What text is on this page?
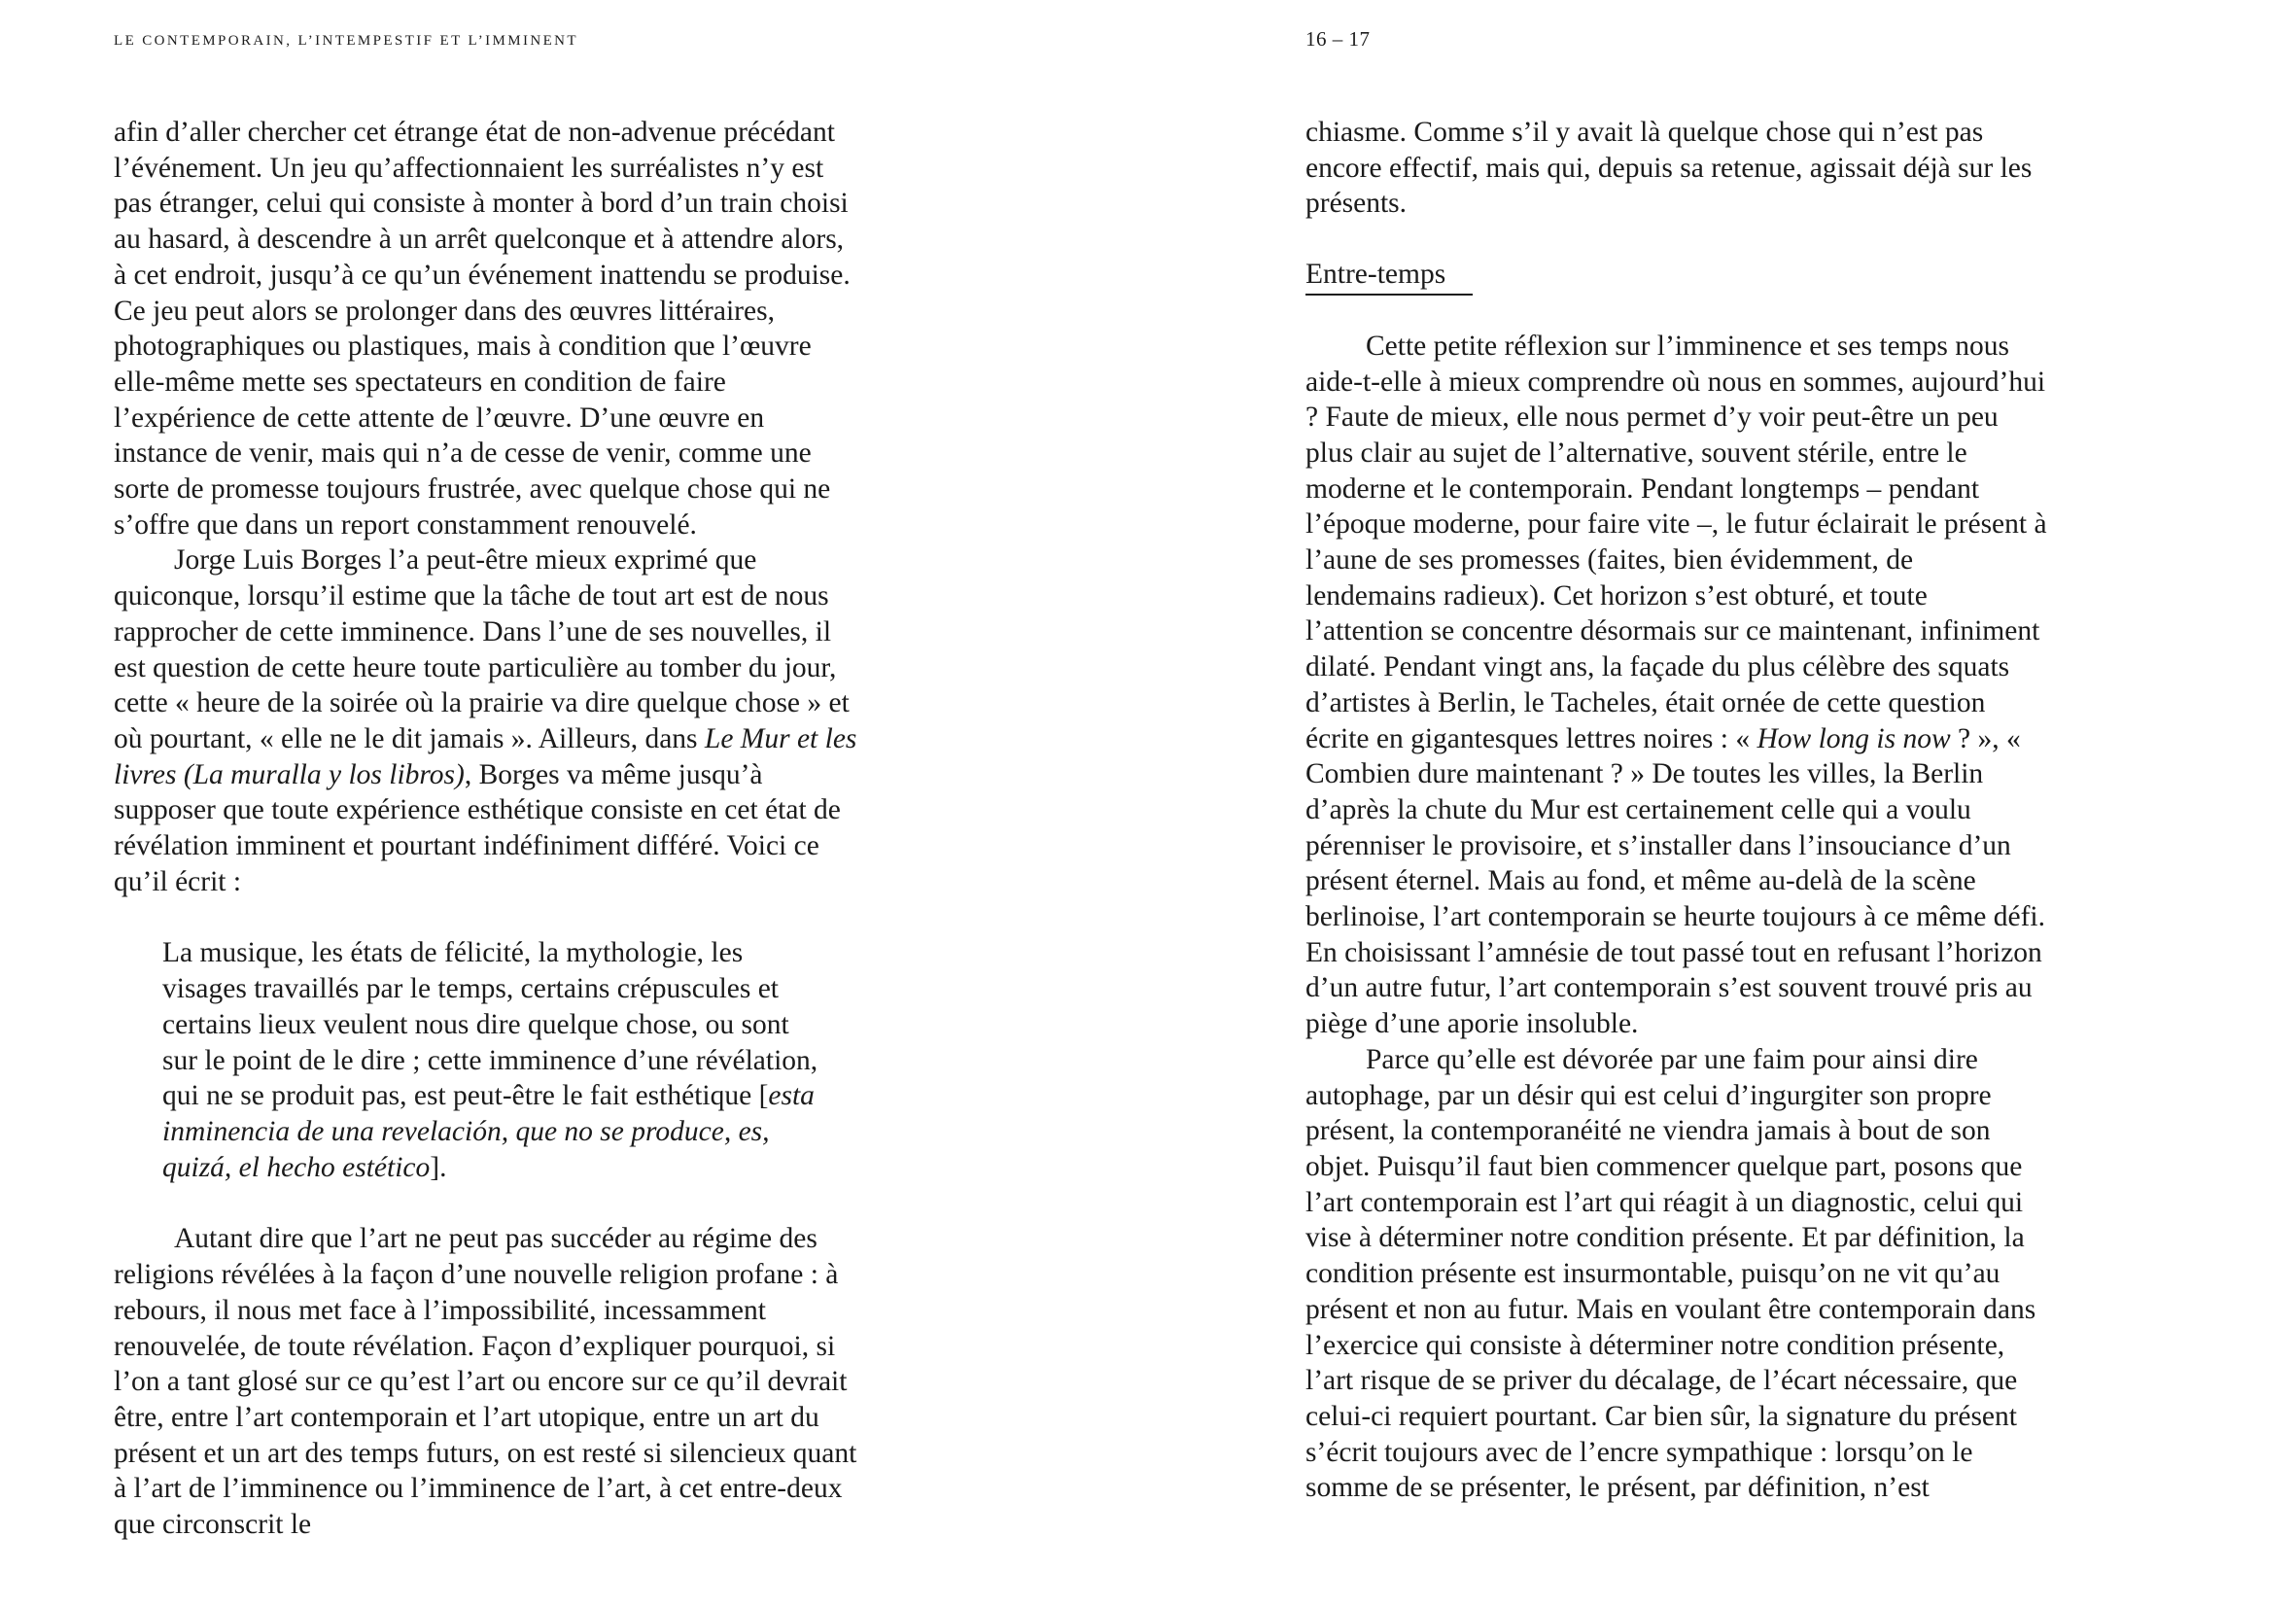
LE CONTEMPORAIN, L’INTEMPESTIF ET L’IMMINENT	16 – 17

afin d’aller chercher cet étrange état de non-advenue précédant l’événement. Un jeu qu’affectionnaient les surréalistes n’y est pas étranger, celui qui consiste à monter à bord d’un train choisi au hasard, à descendre à un arrêt quelconque et à attendre alors, à cet endroit, jusqu’à ce qu’un événement inattendu se produise. Ce jeu peut alors se prolonger dans des œuvres littéraires, photographiques ou plastiques, mais à condition que l’œuvre elle-même mette ses spectateurs en condition de faire l’expérience de cette attente de l’œuvre. D’une œuvre en instance de venir, mais qui n’a de cesse de venir, comme une sorte de promesse toujours frustrée, avec quelque chose qui ne s’offre que dans un report constamment renouvelé.

Jorge Luis Borges l’a peut-être mieux exprimé que quiconque, lorsqu’il estime que la tâche de tout art est de nous rapprocher de cette imminence. Dans l’une de ses nouvelles, il est question de cette heure toute particulière au tomber du jour, cette « heure de la soirée où la prairie va dire quelque chose » et où pourtant, « elle ne le dit jamais ». Ailleurs, dans Le Mur et les livres (La muralla y los libros), Borges va même jusqu’à supposer que toute expérience esthétique consiste en cet état de révélation imminent et pourtant indéfiniment différé. Voici ce qu’il écrit :

La musique, les états de félicité, la mythologie, les visages travaillés par le temps, certains crépuscules et certains lieux veulent nous dire quelque chose, ou sont sur le point de le dire ; cette imminence d’une révélation, qui ne se produit pas, est peut-être le fait esthétique [esta inminencia de una revelación, que no se produce, es, quizá, el hecho estético].

Autant dire que l’art ne peut pas succéder au régime des religions révélées à la façon d’une nouvelle religion profane : à rebours, il nous met face à l’impossibilité, incessamment renouvelée, de toute révélation. Façon d’expliquer pourquoi, si l’on a tant glosé sur ce qu’est l’art ou encore sur ce qu’il devrait être, entre l’art contemporain et l’art utopique, entre un art du présent et un art des temps futurs, on est resté si silencieux quant à l’art de l’imminence ou l’imminence de l’art, à cet entre-deux que circonscrit le

chiasme. Comme s’il y avait là quelque chose qui n’est pas encore effectif, mais qui, depuis sa retenue, agissait déjà sur les présents.

Entre-temps

Cette petite réflexion sur l’imminence et ses temps nous aide-t-elle à mieux comprendre où nous en sommes, aujourd’hui ? Faute de mieux, elle nous permet d’y voir peut-être un peu plus clair au sujet de l’alternative, souvent stérile, entre le moderne et le contemporain. Pendant longtemps – pendant l’époque moderne, pour faire vite –, le futur éclairait le présent à l’aune de ses promesses (faites, bien évidemment, de lendemains radieux). Cet horizon s’est obturé, et toute l’attention se concentre désormais sur ce maintenant, infiniment dilaté. Pendant vingt ans, la façade du plus célèbre des squats d’artistes à Berlin, le Tacheles, était ornée de cette question écrite en gigantesques lettres noires : « How long is now ? », « Combien dure maintenant ? » De toutes les villes, la Berlin d’après la chute du Mur est certainement celle qui a voulu pérenniser le provisoire, et s’installer dans l’insouciance d’un présent éternel. Mais au fond, et même au-delà de la scène berlinoise, l’art contemporain se heurte toujours à ce même défi. En choisissant l’amnésie de tout passé tout en refusant l’horizon d’un autre futur, l’art contemporain s’est souvent trouvé pris au piège d’une aporie insoluble.

Parce qu’elle est dévorée par une faim pour ainsi dire autophage, par un désir qui est celui d’ingurgiter son propre présent, la contemporanéité ne viendra jamais à bout de son objet. Puisqu’il faut bien commencer quelque part, posons que l’art contemporain est l’art qui réagit à un diagnostic, celui qui vise à déterminer notre condition présente. Et par définition, la condition présente est insurmontable, puisqu’on ne vit qu’au présent et non au futur. Mais en voulant être contemporain dans l’exercice qui consiste à déterminer notre condition présente, l’art risque de se priver du décalage, de l’écart nécessaire, que celui-ci requiert pourtant. Car bien sûr, la signature du présent s’écrit toujours avec de l’encre sympathique : lorsqu’on le somme de se présenter, le présent, par définition, n’est
